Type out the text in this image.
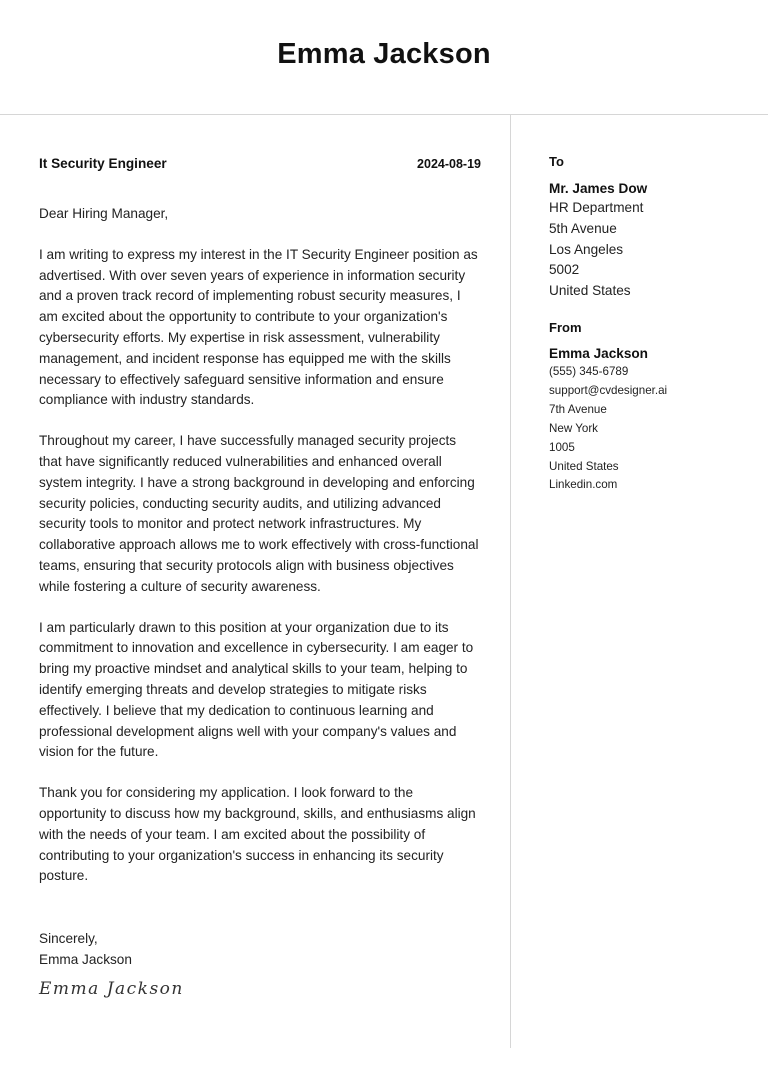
Emma Jackson
It Security Engineer	2024-08-19
Dear Hiring Manager,

I am writing to express my interest in the IT Security Engineer position as advertised. With over seven years of experience in information security and a proven track record of implementing robust security measures, I am excited about the opportunity to contribute to your organization's cybersecurity efforts. My expertise in risk assessment, vulnerability management, and incident response has equipped me with the skills necessary to effectively safeguard sensitive information and ensure compliance with industry standards.

Throughout my career, I have successfully managed security projects that have significantly reduced vulnerabilities and enhanced overall system integrity. I have a strong background in developing and enforcing security policies, conducting security audits, and utilizing advanced security tools to monitor and protect network infrastructures. My collaborative approach allows me to work effectively with cross-functional teams, ensuring that security protocols align with business objectives while fostering a culture of security awareness.

I am particularly drawn to this position at your organization due to its commitment to innovation and excellence in cybersecurity. I am eager to bring my proactive mindset and analytical skills to your team, helping to identify emerging threats and develop strategies to mitigate risks effectively. I believe that my dedication to continuous learning and professional development aligns well with your company's values and vision for the future.

Thank you for considering my application. I look forward to the opportunity to discuss how my background, skills, and enthusiasms align with the needs of your team. I am excited about the possibility of contributing to your organization's success in enhancing its security posture.

Sincerely,
Emma Jackson
Emma Jackson
To
Mr. James Dow
HR Department
5th Avenue
Los Angeles
5002
United States
From
Emma Jackson
(555) 345-6789
support@cvdesigner.ai
7th Avenue
New York
1005
United States
Linkedin.com
